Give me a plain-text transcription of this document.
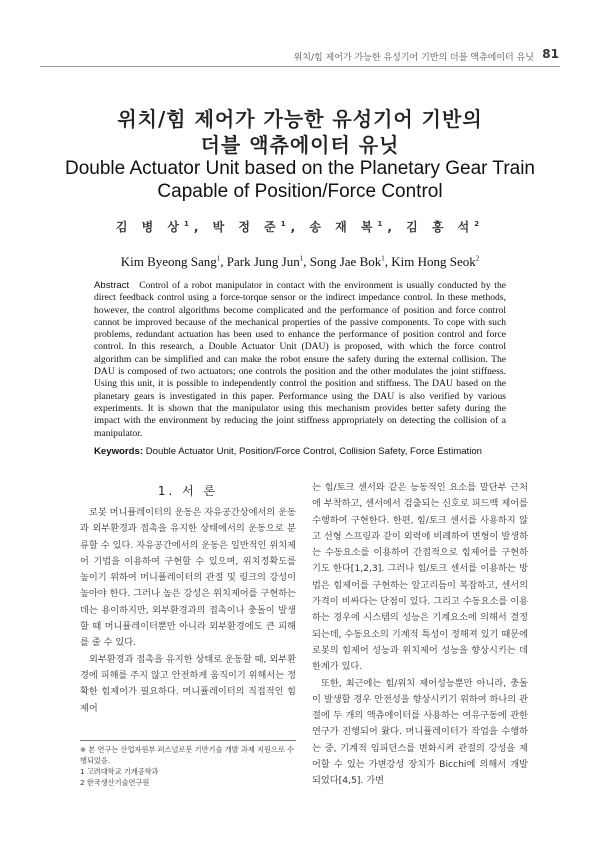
위치/힘 제어가 가능한 유성기어 기반의 더블 액츄에이터 유닛 81
위치/힘 제어가 가능한 유성기어 기반의
더블 액츄에이터 유닛
Double Actuator Unit based on the Planetary Gear Train
Capable of Position/Force Control
김 병 상$^1$, 박 정 준$^1$, 송 재 복$^1$, 김 홍 석$^2$
Kim Byeong Sang$^1$, Park Jung Jun$^1$, Song Jae Bok$^1$, Kim Hong Seok$^2$
Abstract Control of a robot manipulator in contact with the environment is usually conducted by the direct feedback control using a force-torque sensor or the indirect impedance control. In these methods, however, the control algorithms become complicated and the performance of position and force control cannot be improved because of the mechanical properties of the passive components. To cope with such problems, redundant actuation has been used to enhance the performance of position control and force control. In this research, a Double Actuator Unit (DAU) is proposed, with which the force control algorithm can be simplified and can make the robot ensure the safety during the external collision. The DAU is composed of two actuators; one controls the position and the other modulates the joint stiffness. Using this unit, it is possible to independently control the position and stiffness. The DAU based on the planetary gears is investigated in this paper. Performance using the DAU is also verified by various experiments. It is shown that the manipulator using this mechanism provides better safety during the impact with the environment by reducing the joint stiffness appropriately on detecting the collision of a manipulator.
Keywords: Double Actuator Unit, Position/Force Control, Collision Safety, Force Estimation
1. 서 론

로봇 머니퓰레이터의 운동은 자유공간상에서의 운동과 외부환경과 접촉을 유지한 상태에서의 운동으로 분류할 수 있다. 자유공간에서의 운동은 일반적인 위치제어 기법을 이용하여 구현할 수 있으며, 위치정확도를 높이기 위하여 머니퓰레이터의 관절 및 링크의 강성이 높아야 한다. 그러나 높은 강성은 위치제어를 구현하는 데는 용이하지만, 외부환경과의 접촉이나 충돌이 발생할 때 머니퓰레이터뿐만 아니라 외부환경에도 큰 피해를 줄 수 있다.

외부환경과 접촉을 유지한 상태로 운동할 때, 외부환경에 피해를 주지 않고 안전하게 움직이기 위해서는 정확한 힘제어가 필요하다. 머니퓰레이터의 직접적인 힘제어

는 힘/토크 센서와 같은 능동적인 요소를 말단부 근처에 부착하고, 센서에서 검출되는 신호로 피드백 제어를 수행하여 구현한다. 한편, 힘/토크 센서를 사용하지 않고 선형 스프링과 같이 외력에 비례하여 변형이 발생하는 수동요소를 이용하여 간접적으로 힘제어를 구현하기도 한다[1,2,3]. 그러나 힘/토크 센서를 이용하는 방법은 힘제어를 구현하는 알고리듬이 복잡하고, 센서의 가격이 비싸다는 단점이 있다. 그리고 수동요소를 이용하는 경우에 시스템의 성능은 기계요소에 의해서 결정되는데, 수동요소의 기계적 특성이 정해져 있기 때문에 로봇의 힘제어 성능과 위치제어 성능을 향상시키는 데 한계가 있다.

또한, 최근에는 힘/위치 제어성능뿐만 아니라, 충돌이 발생할 경우 안전성을 향상시키기 위하여 하나의 관절에 두 개의 액츄에이터를 사용하는 여유구동에 관한 연구가 진행되어 왔다. 머니퓰레이터가 작업을 수행하는 중, 기계적 임피던스를 변화시켜 관절의 강성을 제어할 수 있는 가변강성 장치가 Bicchi에 의해서 개발되었다[4,5]. 가변

※ 본 연구는 산업자원부 퍼스널로봇 기반기술 개발 과제 지원으로 수행되었음.
1 고려대학교 기계공학과
2 한국생산기술연구원
